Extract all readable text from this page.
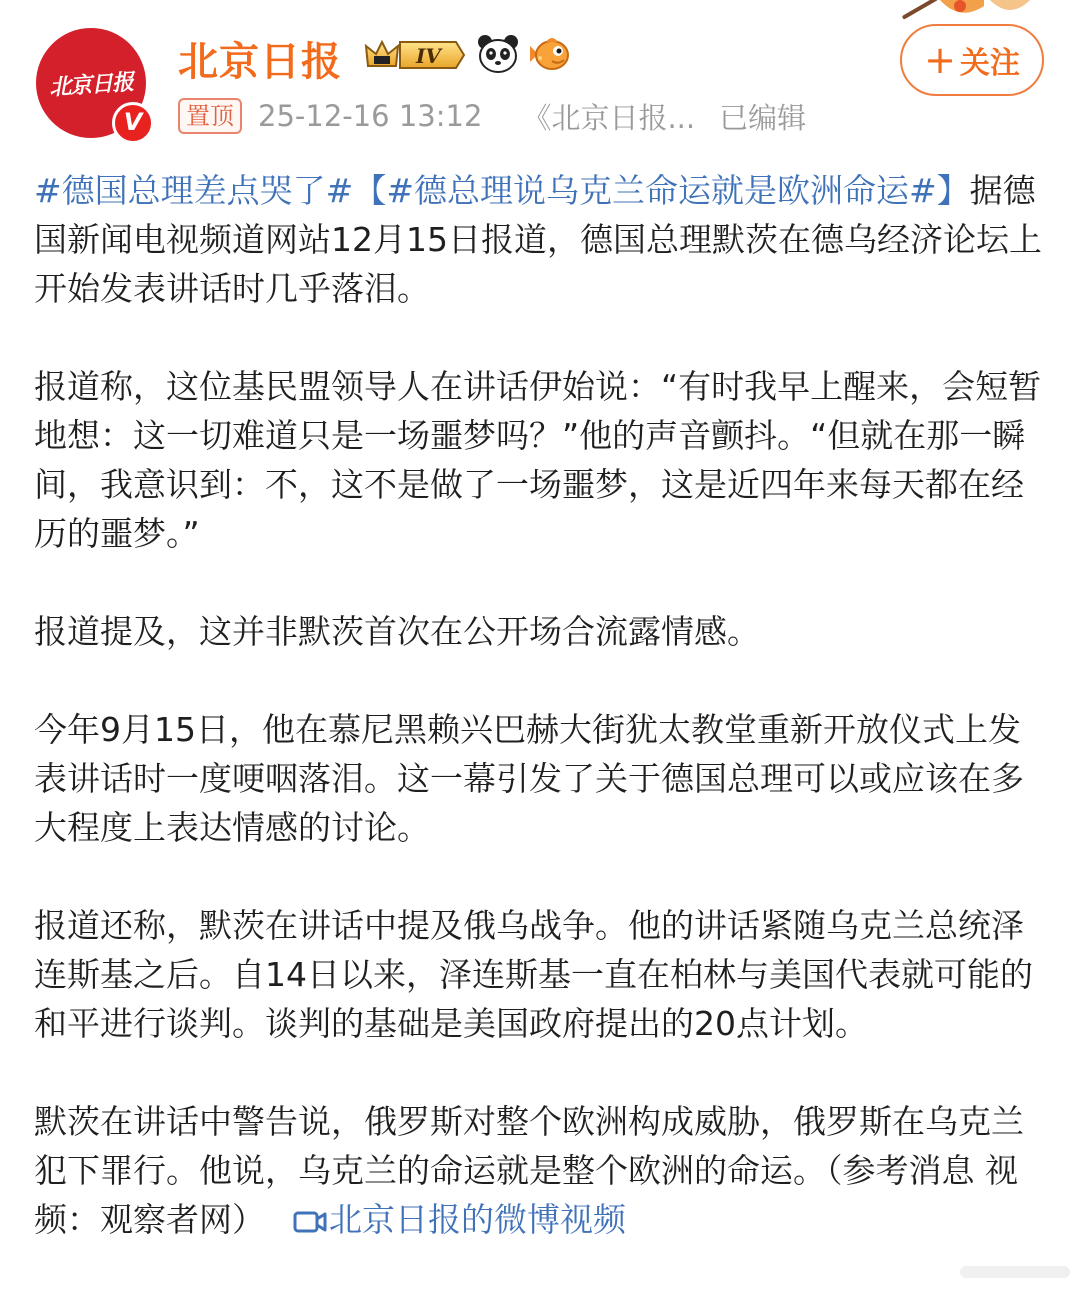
北京日报
V
北京日报	IV
置顶 25-12-16 13:12 《北京日报... 已编辑
+ 关注

#德国总理差点哭了#【#德总理说乌克兰命运就是欧洲命运#】据德国新闻电视频道网站12月15日报道，德国总理默茨在德乌经济论坛上开始发表讲话时几乎落泪。

报道称，这位基民盟领导人在讲话伊始说：“有时我早上醒来，会短暂地想：这一切难道只是一场噩梦吗？”他的声音颤抖。“但就在那一瞬间，我意识到：不，这不是做了一场噩梦，这是近四年来每天都在经历的噩梦。”

报道提及，这并非默茨首次在公开场合流露情感。

今年9月15日，他在慕尼黑赖兴巴赫大街犹太教堂重新开放仪式上发表讲话时一度哽咽落泪。这一幕引发了关于德国总理可以或应该在多大程度上表达情感的讨论。

报道还称，默茨在讲话中提及俄乌战争。他的讲话紧随乌克兰总统泽连斯基之后。自14日以来，泽连斯基一直在柏林与美国代表就可能的和平进行谈判。谈判的基础是美国政府提出的20点计划。

默茨在讲话中警告说，俄罗斯对整个欧洲构成威胁，俄罗斯在乌克兰犯下罪行。他说，乌克兰的命运就是整个欧洲的命运。（参考消息 视频：观察者网） 北京日报的微博视频
